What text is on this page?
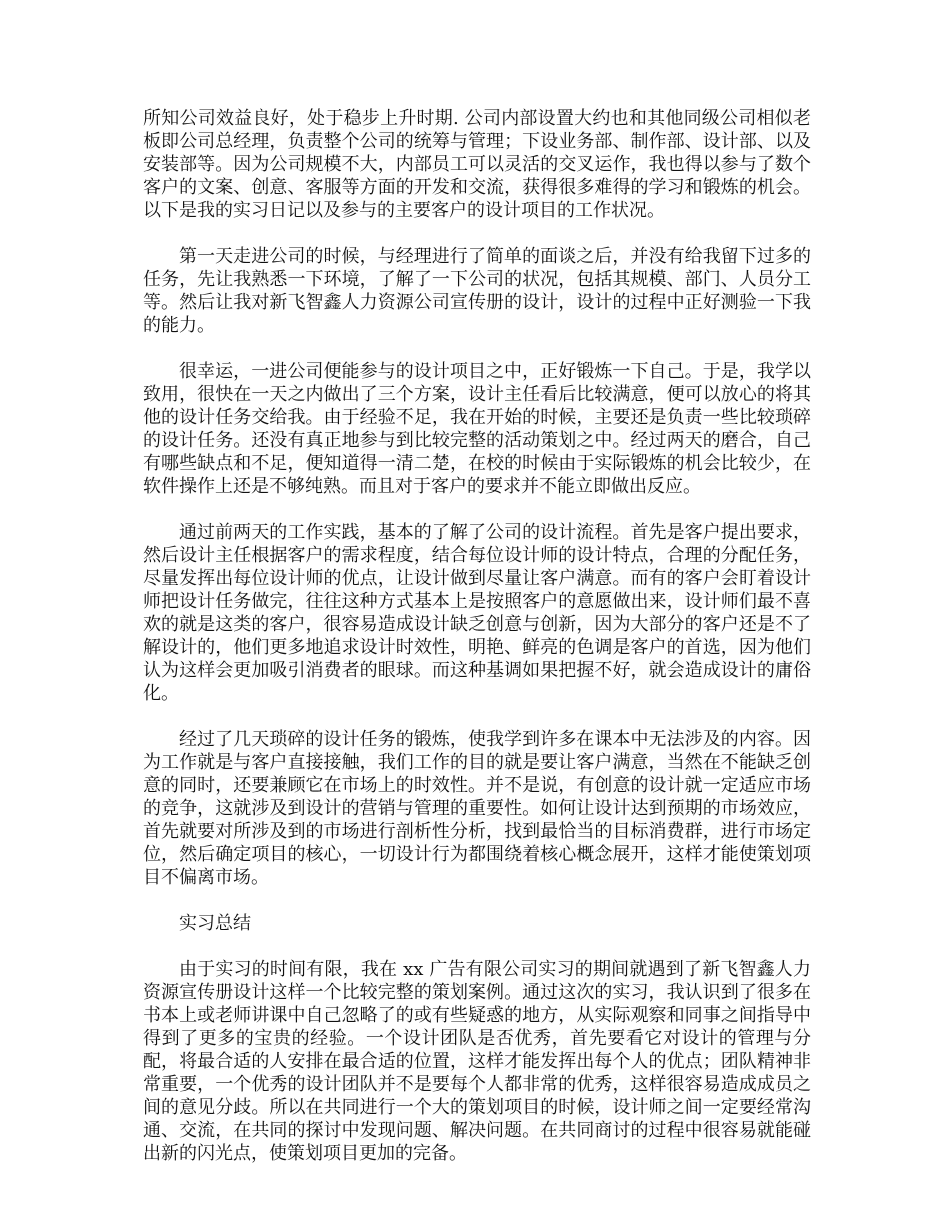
所知公司效益良好，处于稳步上升时期. 公司内部设置大约也和其他同级公司相似老板即公司总经理，负责整个公司的统筹与管理；下设业务部、制作部、设计部、以及安装部等。因为公司规模不大，内部员工可以灵活的交叉运作，我也得以参与了数个客户的文案、创意、客服等方面的开发和交流，获得很多难得的学习和锻炼的机会。以下是我的实习日记以及参与的主要客户的设计项目的工作状况。

第一天走进公司的时候，与经理进行了简单的面谈之后，并没有给我留下过多的任务，先让我熟悉一下环境，了解了一下公司的状况，包括其规模、部门、人员分工等。然后让我对新飞智鑫人力资源公司宣传册的设计，设计的过程中正好测验一下我的能力。

很幸运，一进公司便能参与的设计项目之中，正好锻炼一下自己。于是，我学以致用，很快在一天之内做出了三个方案，设计主任看后比较满意，便可以放心的将其他的设计任务交给我。由于经验不足，我在开始的时候，主要还是负责一些比较琐碎的设计任务。还没有真正地参与到比较完整的活动策划之中。经过两天的磨合，自己有哪些缺点和不足，便知道得一清二楚，在校的时候由于实际锻炼的机会比较少，在软件操作上还是不够纯熟。而且对于客户的要求并不能立即做出反应。

通过前两天的工作实践，基本的了解了公司的设计流程。首先是客户提出要求，然后设计主任根据客户的需求程度，结合每位设计师的设计特点，合理的分配任务，尽量发挥出每位设计师的优点，让设计做到尽量让客户满意。而有的客户会盯着设计师把设计任务做完，往往这种方式基本上是按照客户的意愿做出来，设计师们最不喜欢的就是这类的客户，很容易造成设计缺乏创意与创新，因为大部分的客户还是不了解设计的，他们更多地追求设计时效性，明艳、鲜亮的色调是客户的首选，因为他们认为这样会更加吸引消费者的眼球。而这种基调如果把握不好，就会造成设计的庸俗化。

经过了几天琐碎的设计任务的锻炼，使我学到许多在课本中无法涉及的内容。因为工作就是与客户直接接触，我们工作的目的就是要让客户满意，当然在不能缺乏创意的同时，还要兼顾它在市场上的时效性。并不是说，有创意的设计就一定适应市场的竞争，这就涉及到设计的营销与管理的重要性。如何让设计达到预期的市场效应，首先就要对所涉及到的市场进行剖析性分析，找到最恰当的目标消费群，进行市场定位，然后确定项目的核心，一切设计行为都围绕着核心概念展开，这样才能使策划项目不偏离市场。

实习总结

由于实习的时间有限，我在 xx 广告有限公司实习的期间就遇到了新飞智鑫人力资源宣传册设计这样一个比较完整的策划案例。通过这次的实习，我认识到了很多在书本上或老师讲课中自己忽略了的或有些疑惑的地方，从实际观察和同事之间指导中得到了更多的宝贵的经验。一个设计团队是否优秀，首先要看它对设计的管理与分配，将最合适的人安排在最合适的位置，这样才能发挥出每个人的优点；团队精神非常重要，一个优秀的设计团队并不是要每个人都非常的优秀，这样很容易造成成员之间的意见分歧。所以在共同进行一个大的策划项目的时候，设计师之间一定要经常沟通、交流，在共同的探讨中发现问题、解决问题。在共同商讨的过程中很容易就能碰出新的闪光点，使策划项目更加的完备。
